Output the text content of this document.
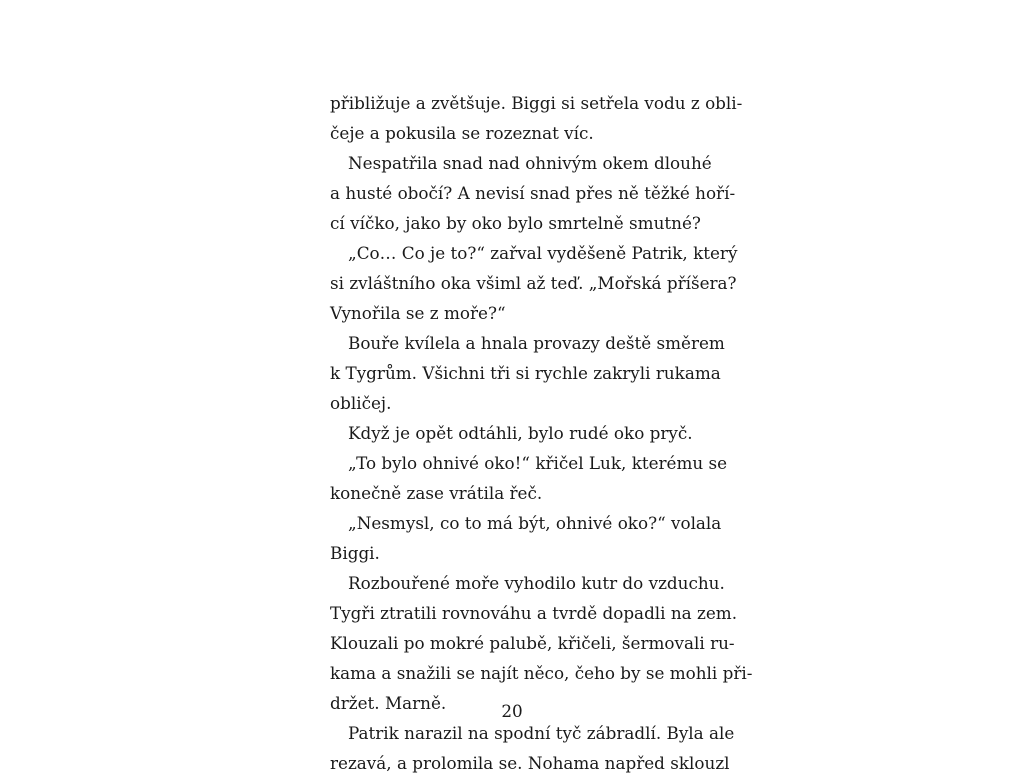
přibližuje a zvětšuje. Biggi si setřela vodu z obli-
čeje a pokusila se rozeznat víc.
Nespatřila snad nad ohnivým okem dlouhé
a husté obočí? A nevisí snad přes ně těžké hoří-
cí víčko, jako by oko bylo smrtelně smutné?
„Co… Co je to?“ zařval vyděšeně Patrik, který
si zvláštního oka všiml až teď. „Mořská příšera?
Vynořila se z moře?“
Bouře kvílela a hnala provazy deště směrem
k Tygrům. Všichni tři si rychle zakryli rukama
obličej.
Když je opět odtáhli, bylo rudé oko pryč.
„To bylo ohnivé oko!“ křičel Luk, kterému se
konečně zase vrátila řeč.
„Nesmysl, co to má být, ohnivé oko?“ volala
Biggi.
Rozbouřené moře vyhodilo kutr do vzduchu.
Tygři ztratili rovnováhu a tvrdě dopadli na zem.
Klouzali po mokré palubě, křičeli, šermovali ru-
kama a snažili se najít něco, čeho by se mohli při-
držet. Marně.
Patrik narazil na spodní tyč zábradlí. Byla ale
rezavá, a prolomila se. Nohama napřed sklouzl
20
